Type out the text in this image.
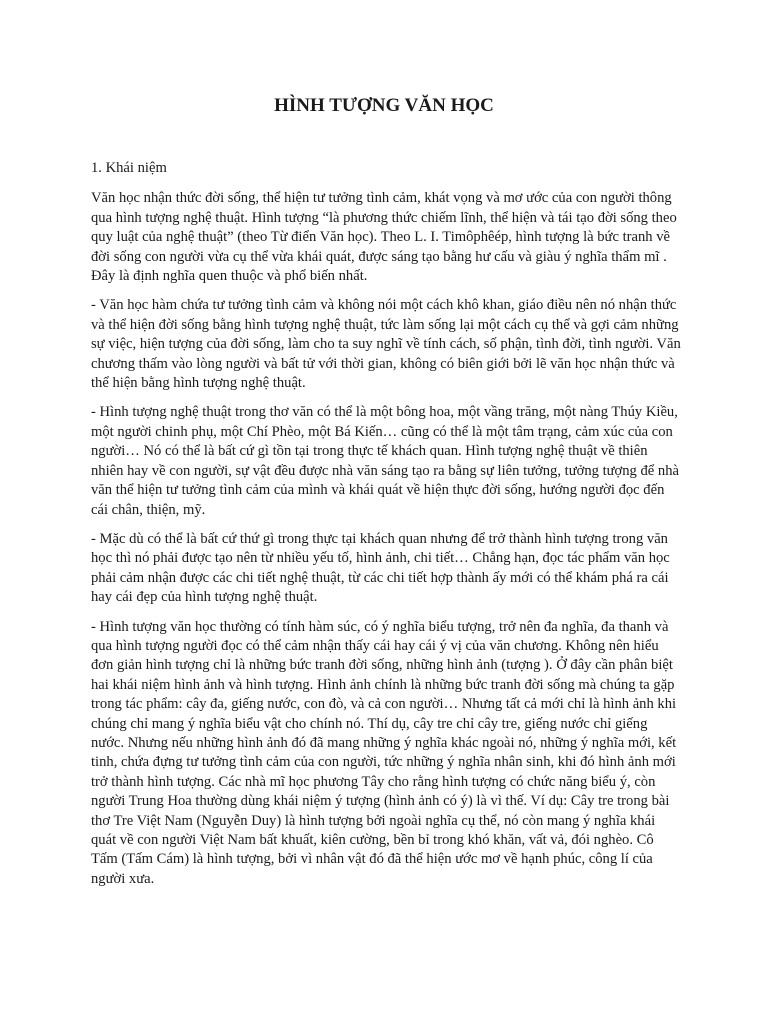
HÌNH TƯỢNG VĂN HỌC

1. Khái niệm

Văn học nhận thức đời sống, thể hiện tư tưởng tình cảm, khát vọng và mơ ước của con người thông qua hình tượng nghệ thuật. Hình tượng “là phương thức chiếm lĩnh, thể hiện và tái tạo đời sống theo quy luật của nghệ thuật” (theo Từ điển Văn học). Theo L. I. Timôphêép, hình tượng là bức tranh về đời sống con người vừa cụ thể vừa khái quát, được sáng tạo bằng hư cấu và giàu ý nghĩa thẩm mĩ . Đây là định nghĩa quen thuộc và phổ biến nhất.

- Văn học hàm chứa tư tưởng tình cảm và không nói một cách khô khan, giáo điều nên nó nhận thức và thể hiện đời sống bằng hình tượng nghệ thuật, tức làm sống lại một cách cụ thể và gợi cảm những sự việc, hiện tượng của đời sống, làm cho ta suy nghĩ về tính cách, số phận, tình đời, tình người. Văn chương thấm vào lòng người và bất tử với thời gian, không có biên giới bởi lẽ văn học nhận thức và thể hiện bằng hình tượng nghệ thuật.

- Hình tượng nghệ thuật trong thơ văn có thể là một bông hoa, một vầng trăng, một nàng Thúy Kiều, một người chinh phụ, một Chí Phèo, một Bá Kiến… cũng có thể là một tâm trạng, cảm xúc của con người… Nó có thể là bất cứ gì tồn tại trong thực tế khách quan. Hình tượng nghệ thuật về thiên nhiên hay về con người, sự vật đều được nhà văn sáng tạo ra bằng sự liên tưởng, tưởng tượng để nhà văn thể hiện tư tưởng tình cảm của mình và khái quát về hiện thực đời sống, hướng người đọc đến cái chân, thiện, mỹ.

- Mặc dù có thể là bất cứ thứ gì trong thực tại khách quan nhưng để trở thành hình tượng trong văn học thì nó phải được tạo nên từ nhiều yếu tố, hình ảnh, chi tiết… Chẳng hạn, đọc tác phẩm văn học phải cảm nhận được các chi tiết nghệ thuật, từ các chi tiết hợp thành ấy mới có thể khám phá ra cái hay cái đẹp của hình tượng nghệ thuật.

- Hình tượng văn học thường có tính hàm súc, có ý nghĩa biểu tượng, trở nên đa nghĩa, đa thanh và qua hình tượng người đọc có thể cảm nhận thấy cái hay cái ý vị của văn chương. Không nên hiểu đơn giản hình tượng chỉ là những bức tranh đời sống, những hình ảnh (tượng ). Ở đây cần phân biệt hai khái niệm hình ảnh và hình tượng. Hình ảnh chính là những bức tranh đời sống mà chúng ta gặp trong tác phẩm: cây đa, giếng nước, con đò, và cả con người… Nhưng tất cả mới chỉ là hình ảnh khi chúng chỉ mang ý nghĩa biểu vật cho chính nó. Thí dụ, cây tre chỉ cây tre, giếng nước chỉ giếng nước. Nhưng nếu những hình ảnh đó đã mang những ý nghĩa khác ngoài nó, những ý nghĩa mới, kết tinh, chứa đựng tư tưởng tình cảm của con người, tức những ý nghĩa nhân sinh, khi đó hình ảnh mới trở thành hình tượng. Các nhà mĩ học phương Tây cho rằng hình tượng có chức năng biểu ý, còn người Trung Hoa thường dùng khái niệm ý tượng (hình ảnh có ý) là vì thế. Ví dụ: Cây tre trong bài thơ Tre Việt Nam (Nguyễn Duy) là hình tượng bởi ngoài nghĩa cụ thể, nó còn mang ý nghĩa khái quát về con người Việt Nam bất khuất, kiên cường, bền bỉ trong khó khăn, vất vả, đói nghèo. Cô Tấm (Tấm Cám) là hình tượng, bởi vì nhân vật đó đã thể hiện ước mơ về hạnh phúc, công lí của người xưa.
